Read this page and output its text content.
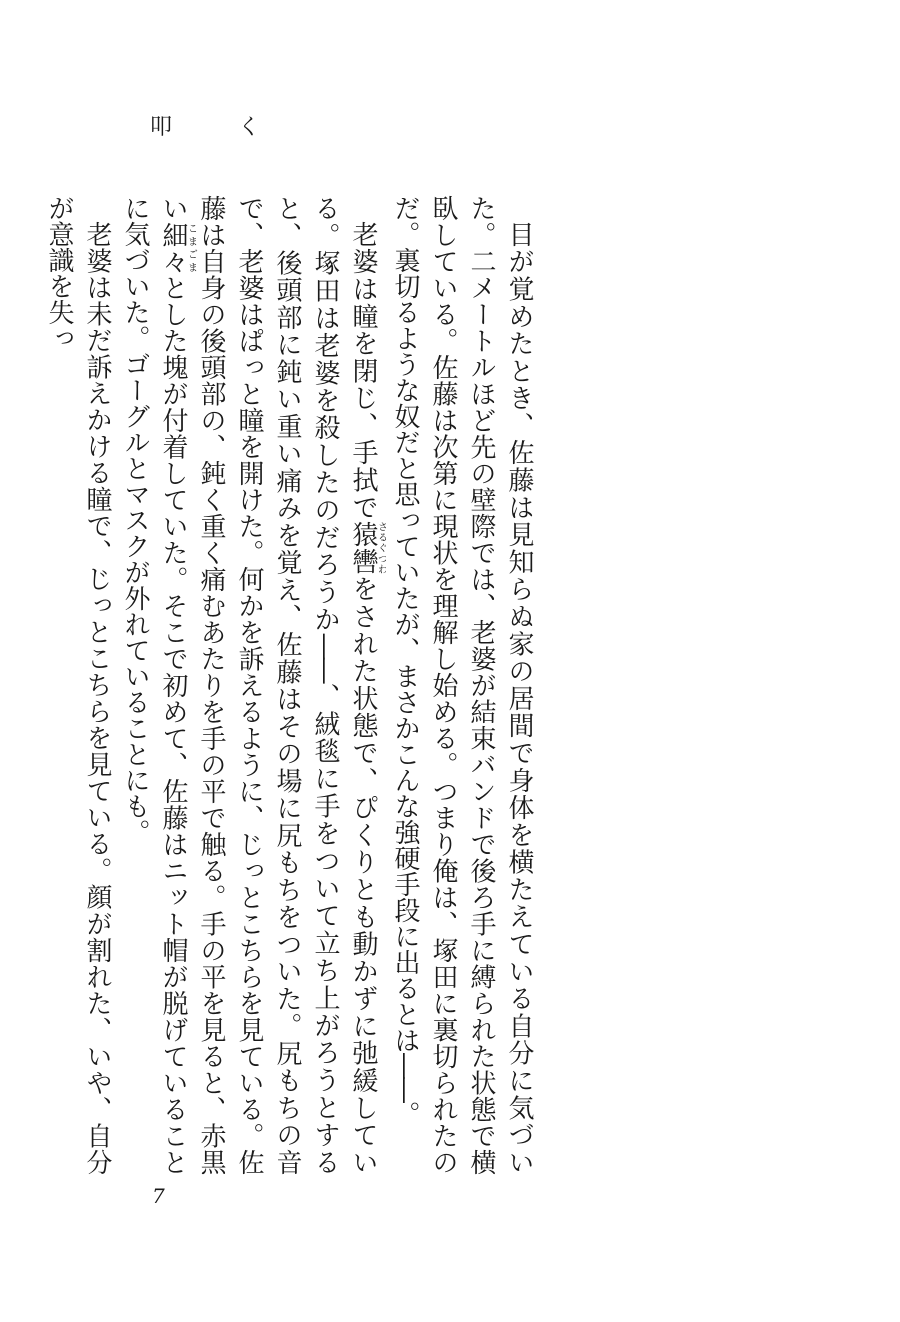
叩	く

目が覚めたとき、佐藤は見知らぬ家の居間で身体を横たえている自分に気づいた。二メートルほど先の壁際では、老婆が結束バンドで後ろ手に縛られた状態で横臥している。佐藤は次第に現状を理解し始める。つまり俺は、塚田に裏切られたのだ。裏切るような奴だと思っていたが、まさかこんな強硬手段に出るとは――。

老婆は瞳を閉じ、手拭で猿轡さるぐつわをされた状態で、ぴくりとも動かずに弛緩している。塚田は老婆を殺したのだろうか――、絨毯に手をついて立ち上がろうとすると、後頭部に鈍い重い痛みを覚え、佐藤はその場に尻もちをついた。尻もちの音で、老婆はぱっと瞳を開けた。何かを訴えるように、じっとこちらを見ている。佐藤は自身の後頭部の、鈍く重く痛むあたりを手の平で触る。手の平を見ると、赤黒い細々こまごまとした塊が付着していた。そこで初めて、佐藤はニット帽が脱げていることに気づいた。ゴーグルとマスクが外れていることにも。

老婆は未だ訴えかける瞳で、じっとこちらを見ている。顔が割れた、いや、自分が意識を失っ

7
